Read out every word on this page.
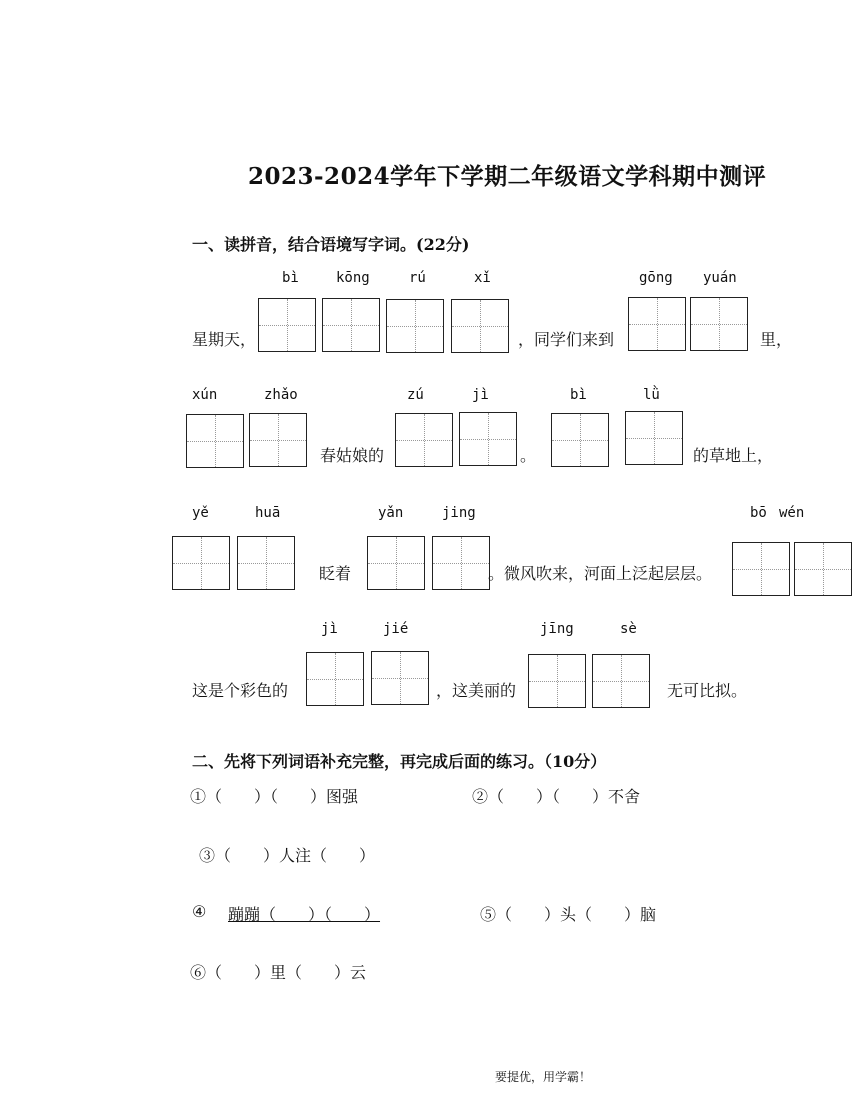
2023-2024学年下学期二年级语文学科期中测评
一、读拼音，结合语境写字词。(22分)
bì	kōng	rú	xǐ	gōng yuán
星期天，	，同学们来到	里，
xún	zhǎo	zú	jì	bì	lǜ
春姑娘的	。	的草地上，
yě	huā	yǎn	jing	bō wén
眨着	。微风吹来，河面上泛起层层。
jì	jié	jīng	sè
这是个彩色的	，这美丽的	无可比拟。
二、先将下列词语补充完整，再完成后面的练习。（10分）
①（　　）（　　）图强	②（　　）（　　）不舍
③（　　）人注（　　）
④ 蹦蹦（　　）（　　）	⑤（　　）头（　　）脑
⑥（　　）里（　　）云
要提优，用学霸！
